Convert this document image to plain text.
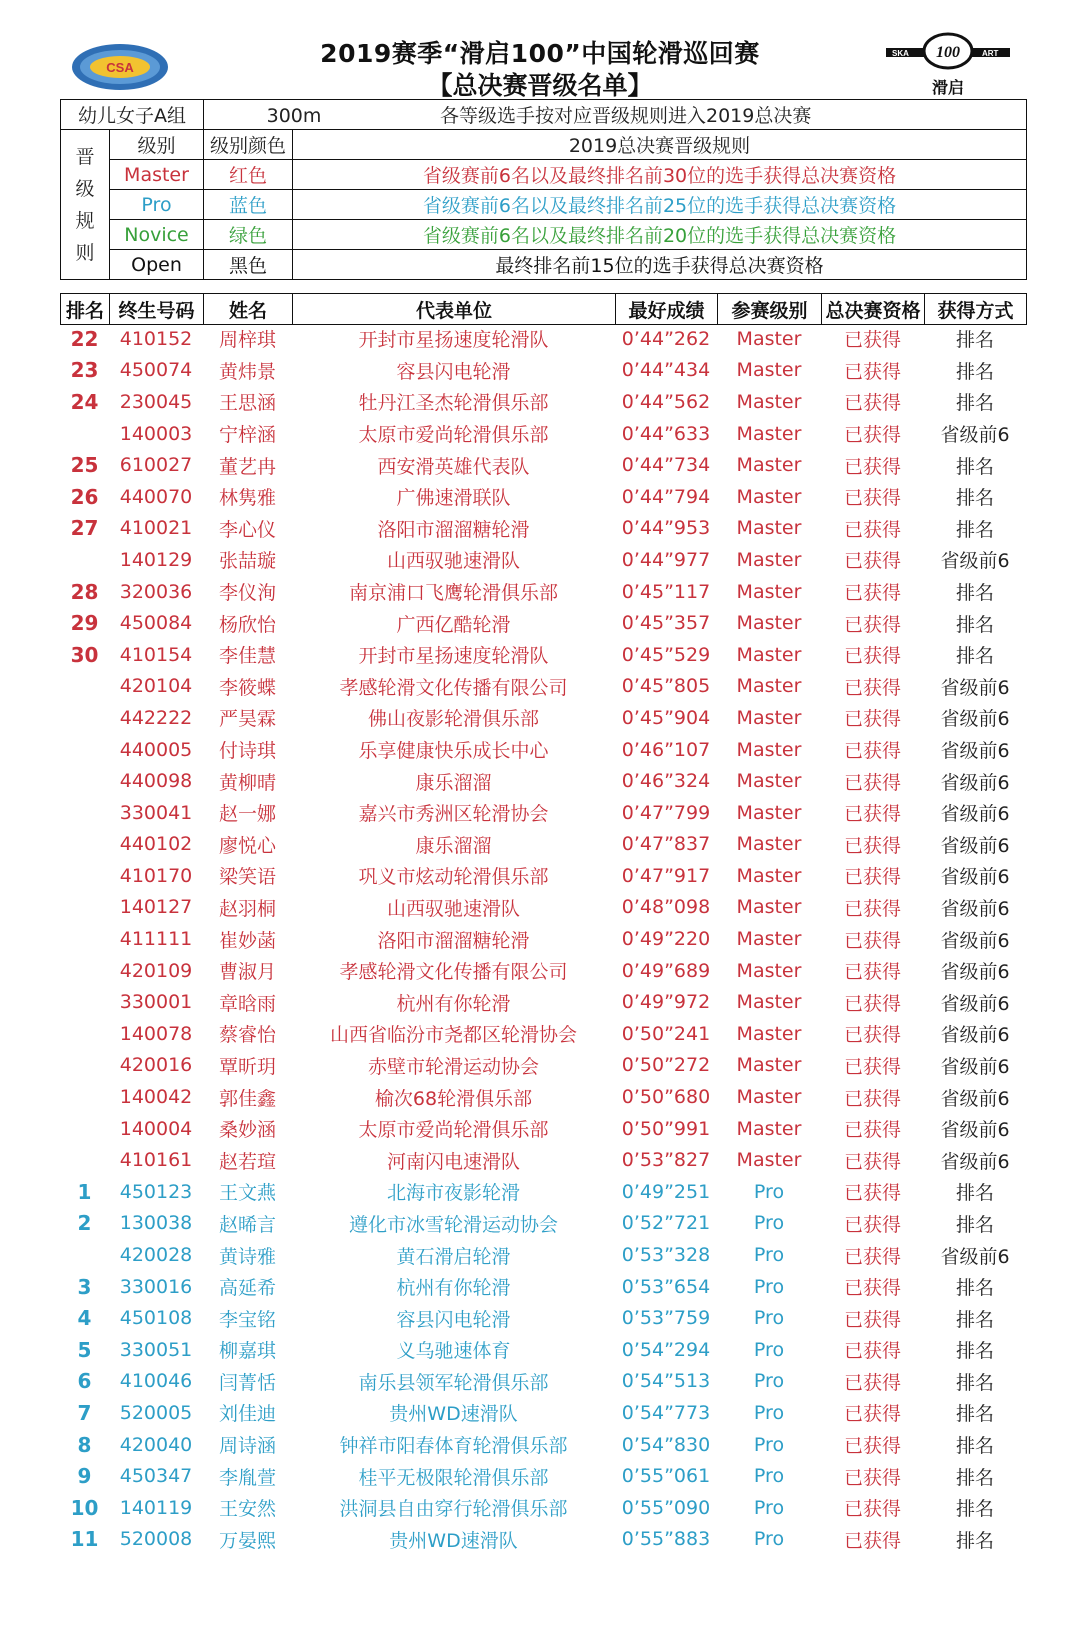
CSA	2019赛季“滑启100”中国轮滑巡回赛
【总决赛晋级名单】
100
SKA	ART
滑启
幼儿女子A组		300m 各等级选手按对应晋级规则进入2019总决赛	

晋
级
规
则	级别	级别颜色	2019总决赛晋级规则
	Master	红色	省级赛前6名以及最终排名前30位的选手获得总决赛资格
	Pro	蓝色	省级赛前6名以及最终排名前25位的选手获得总决赛资格
	Novice	绿色	省级赛前6名以及最终排名前20位的选手获得总决赛资格
	Open	黑色	最终排名前15位的选手获得总决赛资格
排名	终生号码	姓名	代表单位	最好成绩	参赛级别	总决赛资格	获得方式
22	410152	周梓琪	开封市星扬速度轮滑队	0’44”262	Master	已获得	排名
23	450074	黄炜景	容县闪电轮滑	0’44”434	Master	已获得	排名
24	230045	王思涵	牡丹江圣杰轮滑俱乐部	0’44”562	Master	已获得	排名
	140003	宁梓涵	太原市爱尚轮滑俱乐部	0’44”633	Master	已获得	省级前6
25	610027	董艺冉	西安滑英雄代表队	0’44”734	Master	已获得	排名
26	440070	林隽雅	广佛速滑联队	0’44”794	Master	已获得	排名
27	410021	李心仪	洛阳市溜溜糖轮滑	0’44”953	Master	已获得	排名
	140129	张喆璇	山西驭驰速滑队	0’44”977	Master	已获得	省级前6
28	320036	李仪洵	南京浦口飞鹰轮滑俱乐部	0’45”117	Master	已获得	排名
29	450084	杨欣怡	广西亿酷轮滑	0’45”357	Master	已获得	排名
30	410154	李佳慧	开封市星扬速度轮滑队	0’45”529	Master	已获得	排名
	420104	李筱蝶	孝感轮滑文化传播有限公司	0’45”805	Master	已获得	省级前6
	442222	严昊霖	佛山夜影轮滑俱乐部	0’45”904	Master	已获得	省级前6
	440005	付诗琪	乐享健康快乐成长中心	0’46”107	Master	已获得	省级前6
	440098	黄柳晴	康乐溜溜	0’46”324	Master	已获得	省级前6
	330041	赵一娜	嘉兴市秀洲区轮滑协会	0’47”799	Master	已获得	省级前6
	440102	廖悦心	康乐溜溜	0’47”837	Master	已获得	省级前6
	410170	梁笑语	巩义市炫动轮滑俱乐部	0’47”917	Master	已获得	省级前6
	140127	赵羽桐	山西驭驰速滑队	0’48”098	Master	已获得	省级前6
	411111	崔妙菡	洛阳市溜溜糖轮滑	0’49”220	Master	已获得	省级前6
	420109	曹淑月	孝感轮滑文化传播有限公司	0’49”689	Master	已获得	省级前6
	330001	章晗雨	杭州有你轮滑	0’49”972	Master	已获得	省级前6
	140078	蔡睿怡	山西省临汾市尧都区轮滑协会	0’50”241	Master	已获得	省级前6
	420016	覃昕玥	赤壁市轮滑运动协会	0’50”272	Master	已获得	省级前6
	140042	郭佳鑫	榆次68轮滑俱乐部	0’50”680	Master	已获得	省级前6
	140004	桑妙涵	太原市爱尚轮滑俱乐部	0’50”991	Master	已获得	省级前6
	410161	赵若瑄	河南闪电速滑队	0’53”827	Master	已获得	省级前6
1	450123	王文燕	北海市夜影轮滑	0’49”251	Pro	已获得	排名
2	130038	赵晞言	遵化市冰雪轮滑运动协会	0’52”721	Pro	已获得	排名
	420028	黄诗雅	黄石滑启轮滑	0’53”328	Pro	已获得	省级前6
3	330016	高延希	杭州有你轮滑	0’53”654	Pro	已获得	排名
4	450108	李宝铭	容县闪电轮滑	0’53”759	Pro	已获得	排名
5	330051	柳嘉琪	义乌驰速体育	0’54”294	Pro	已获得	排名
6	410046	闫菁恬	南乐县领军轮滑俱乐部	0’54”513	Pro	已获得	排名
7	520005	刘佳迪	贵州WD速滑队	0’54”773	Pro	已获得	排名
8	420040	周诗涵	钟祥市阳春体育轮滑俱乐部	0’54”830	Pro	已获得	排名
9	450347	李胤萱	桂平无极限轮滑俱乐部	0’55”061	Pro	已获得	排名
10	140119	王安然	洪洞县自由穿行轮滑俱乐部	0’55”090	Pro	已获得	排名
11	520008	万晏熙	贵州WD速滑队	0’55”883	Pro	已获得	排名
